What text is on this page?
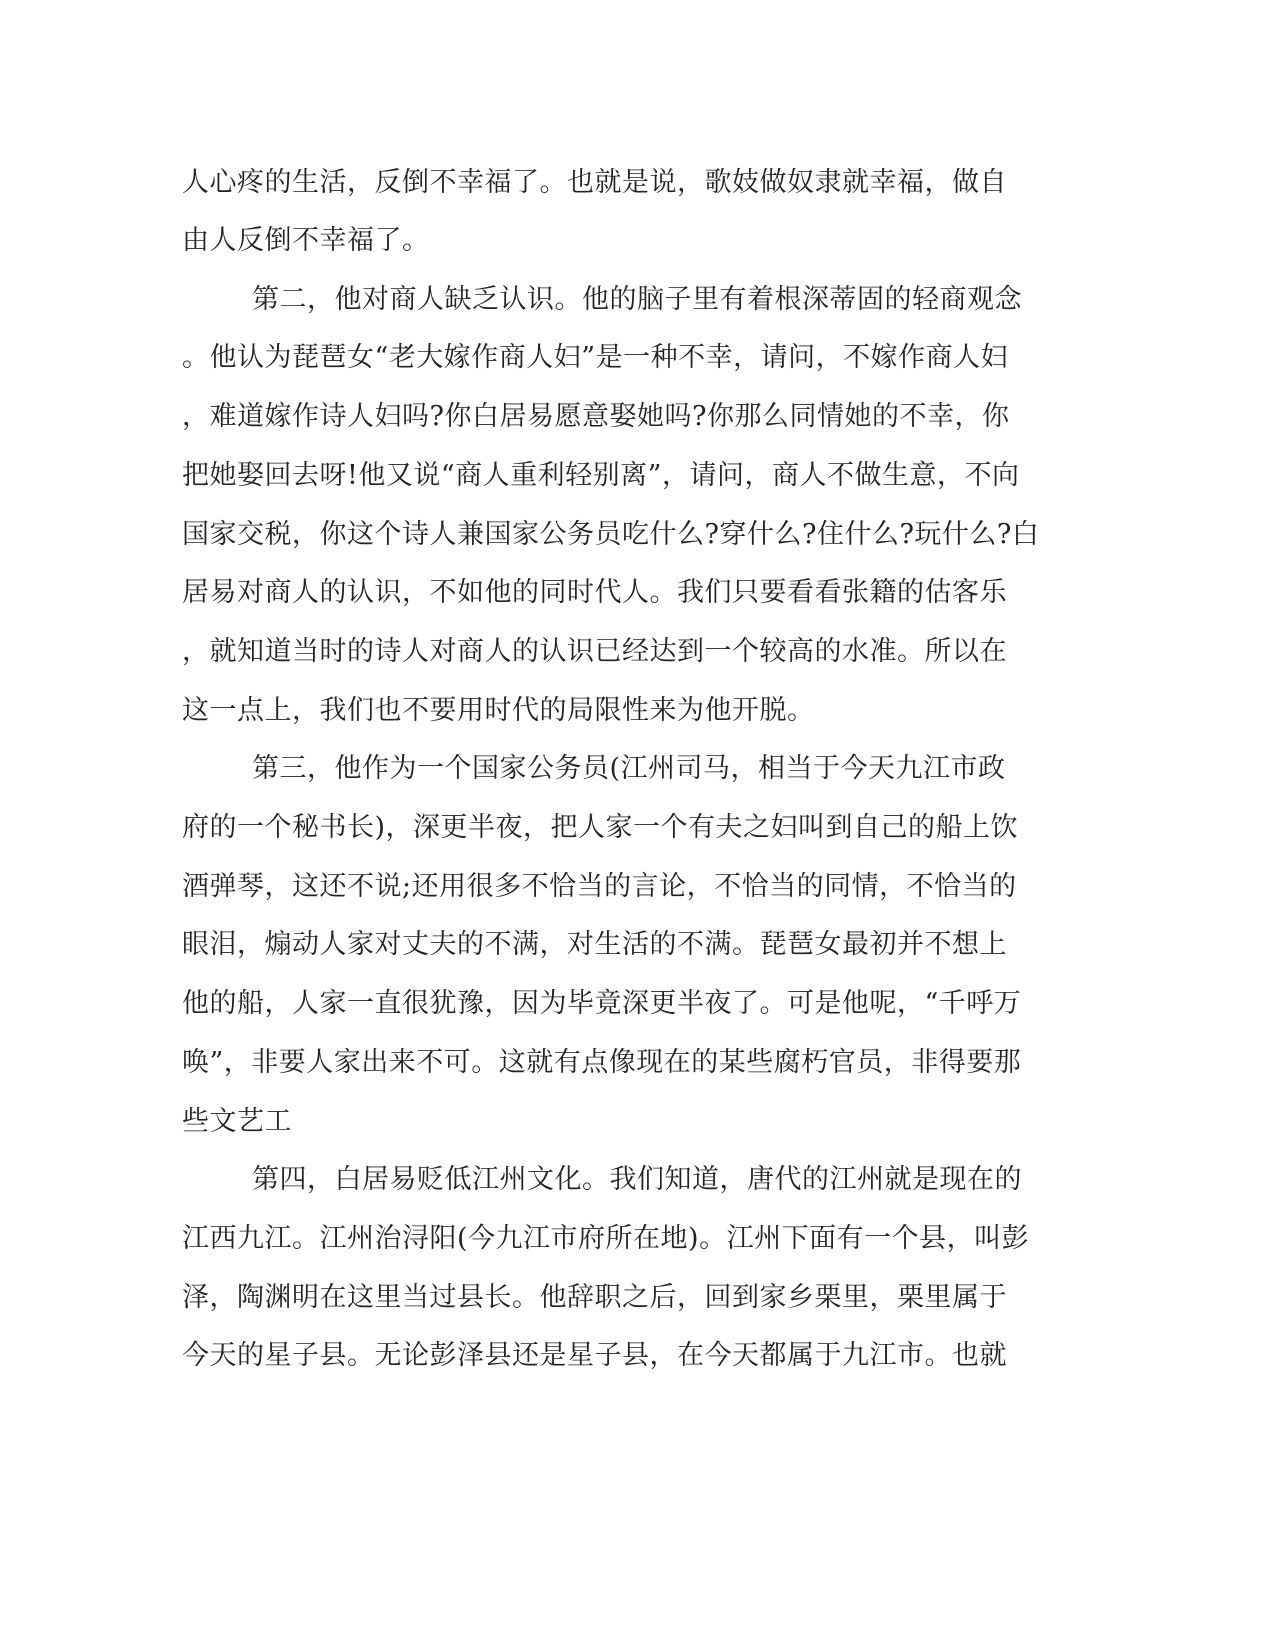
人心疼的生活，反倒不幸福了。也就是说，歌妓做奴隶就幸福，做自

由人反倒不幸福了。

第二，他对商人缺乏认识。他的脑子里有着根深蒂固的轻商观念

。他认为琵琶女“老大嫁作商人妇”是一种不幸，请问，不嫁作商人妇

，难道嫁作诗人妇吗?你白居易愿意娶她吗?你那么同情她的不幸，你

把她娶回去呀!他又说“商人重利轻别离”，请问，商人不做生意，不向

国家交税，你这个诗人兼国家公务员吃什么?穿什么?住什么?玩什么?白

居易对商人的认识，不如他的同时代人。我们只要看看张籍的估客乐

，就知道当时的诗人对商人的认识已经达到一个较高的水准。所以在

这一点上，我们也不要用时代的局限性来为他开脱。

第三，他作为一个国家公务员(江州司马，相当于今天九江市政

府的一个秘书长)，深更半夜，把人家一个有夫之妇叫到自己的船上饮

酒弹琴，这还不说;还用很多不恰当的言论，不恰当的同情，不恰当的

眼泪，煽动人家对丈夫的不满，对生活的不满。琵琶女最初并不想上

他的船，人家一直很犹豫，因为毕竟深更半夜了。可是他呢，“千呼万

唤”，非要人家出来不可。这就有点像现在的某些腐朽官员，非得要那

些文艺工

第四，白居易贬低江州文化。我们知道，唐代的江州就是现在的

江西九江。江州治浔阳(今九江市府所在地)。江州下面有一个县，叫彭

泽，陶渊明在这里当过县长。他辞职之后，回到家乡栗里，栗里属于

今天的星子县。无论彭泽县还是星子县，在今天都属于九江市。也就
